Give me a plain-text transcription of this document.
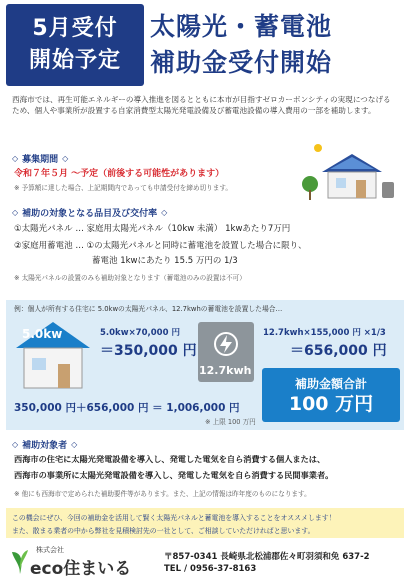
5月受付
開始予定
太陽光・蓄電池
補助金受付開始

西海市では、再生可能エネルギーの導入推進を図るとともに本市が目指すゼロカーボンシティの実現につなげるため、個人や事業所が設置する自家消費型太陽光発電設備及び蓄電池設備の導入費用の一部を補助します。

◇ 募集期間 ◇
令和７年５月 ～予定（前後する可能性があります）
※ 予算額に達した場合、上記期間内であっても申請受付を締め切ります。
◇ 補助の対象となる品目及び交付率 ◇
①太陽光パネル … 家庭用太陽光パネル（10kw 未満） 1kwあたり7万円
②家庭用蓄電池 … ①の太陽光パネルと同時に蓄電池を設置した場合に限り、
蓄電池 1kwにあたり 15.5 万円の 1/3
※ 太陽光パネルの設置のみも補助対象となります（蓄電池のみの設置は不可）
例：個人が所有する住宅に 5.0kwの太陽光パネル、12.7kwhの蓄電池を設置した場合…
5.0kw	5.0kw×70,000 円
＝350,000 円
12.7kwh
12.7kwh×155,000 円 ×1/3
＝656,000 円
350,000 円＋656,000 円 ＝ 1,006,000 円
※ 上限 100 万円
補助金額合計
100 万円
◇ 補助対象者 ◇
西海市の住宅に太陽光発電設備を導入し、発電した電気を自ら消費する個人または、
西海市の事業所に太陽光発電設備を導入し、発電した電気を自ら消費する民間事業者。
※ 他にも西海市で定められた補助要件等があります。また、上記の情報は昨年度のものになります。
この機会にぜひ、今回の補助金を活用して賢く太陽光パネルと蓄電池を導入することをオススメします！
また、散まる業者の中から弊社を見積検討先の一社として、ご相談していただければと思います。
株式会社
eco住まいる
〒857-0341 長崎県北松浦郡佐々町羽須和免 637-2
TEL / 0956-37-8163
